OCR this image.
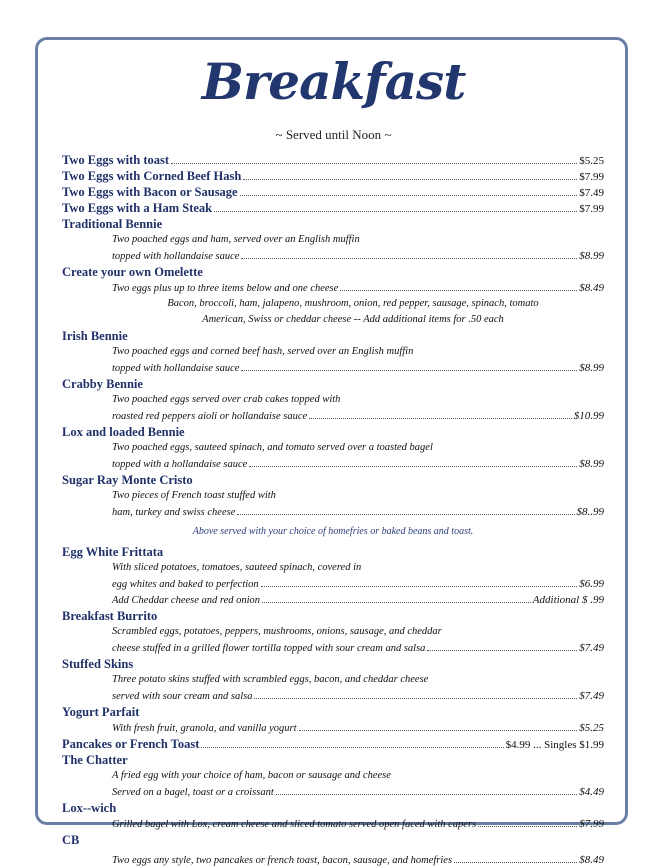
Breakfast
~ Served until Noon ~
Two Eggs with toast	$5.25
Two Eggs with Corned Beef Hash	$7.99
Two Eggs with Bacon or Sausage	$7.49
Two Eggs with a Ham Steak	$7.99
Traditional Bennie
Two poached eggs and ham, served over an English muffin
topped with hollandaise sauce	$8.99
Create your own Omelette
Two eggs plus up to three items below and one cheese	$8.49
Bacon, broccoli, ham, jalapeno, mushroom, onion, red pepper, sausage, spinach, tomato
American, Swiss or cheddar cheese -- Add additional items for .50 each
Irish Bennie
Two poached eggs and corned beef hash, served over an English muffin
topped with hollandaise sauce	$8.99
Crabby Bennie
Two poached eggs served over crab cakes topped with
roasted red peppers aioli or hollandaise sauce	$10.99
Lox and loaded Bennie
Two poached eggs, sauteed spinach, and tomato served over a toasted bagel
topped with a hollandaise sauce	$8.99
Sugar Ray Monte Cristo
Two pieces of French toast stuffed with
ham, turkey and swiss cheese	$8..99
Above served with your choice of homefries or baked beans and toast.
Egg White Frittata
With sliced potatoes, tomatoes, sauteed spinach, covered in
egg whites and baked to perfection	$6.99
Add Cheddar cheese and red onion	Additional $ .99
Breakfast Burrito
Scrambled eggs, potatoes, peppers, mushrooms, onions, sausage, and cheddar
cheese stuffed in a grilled flower tortilla topped with sour cream and salsa	$7.49
Stuffed Skins
Three potato skins stuffed with scrambled eggs, bacon, and cheddar cheese
served with sour cream and salsa	$7.49
Yogurt Parfait
With fresh fruit, granola, and vanilla yogurt	$5.25
Pancakes or French Toast	$4.99 ... Singles $1.99
The Chatter
A fried egg with your choice of ham, bacon or sausage and cheese
Served on a bagel, toast or a croissant	$4.49
Lox--wich
Grilled bagel with Lox, cream cheese and sliced tomato served open faced with capers	$7.99
CB
Two eggs any style, two pancakes or french toast, bacon, sausage, and homefries	$8.49
